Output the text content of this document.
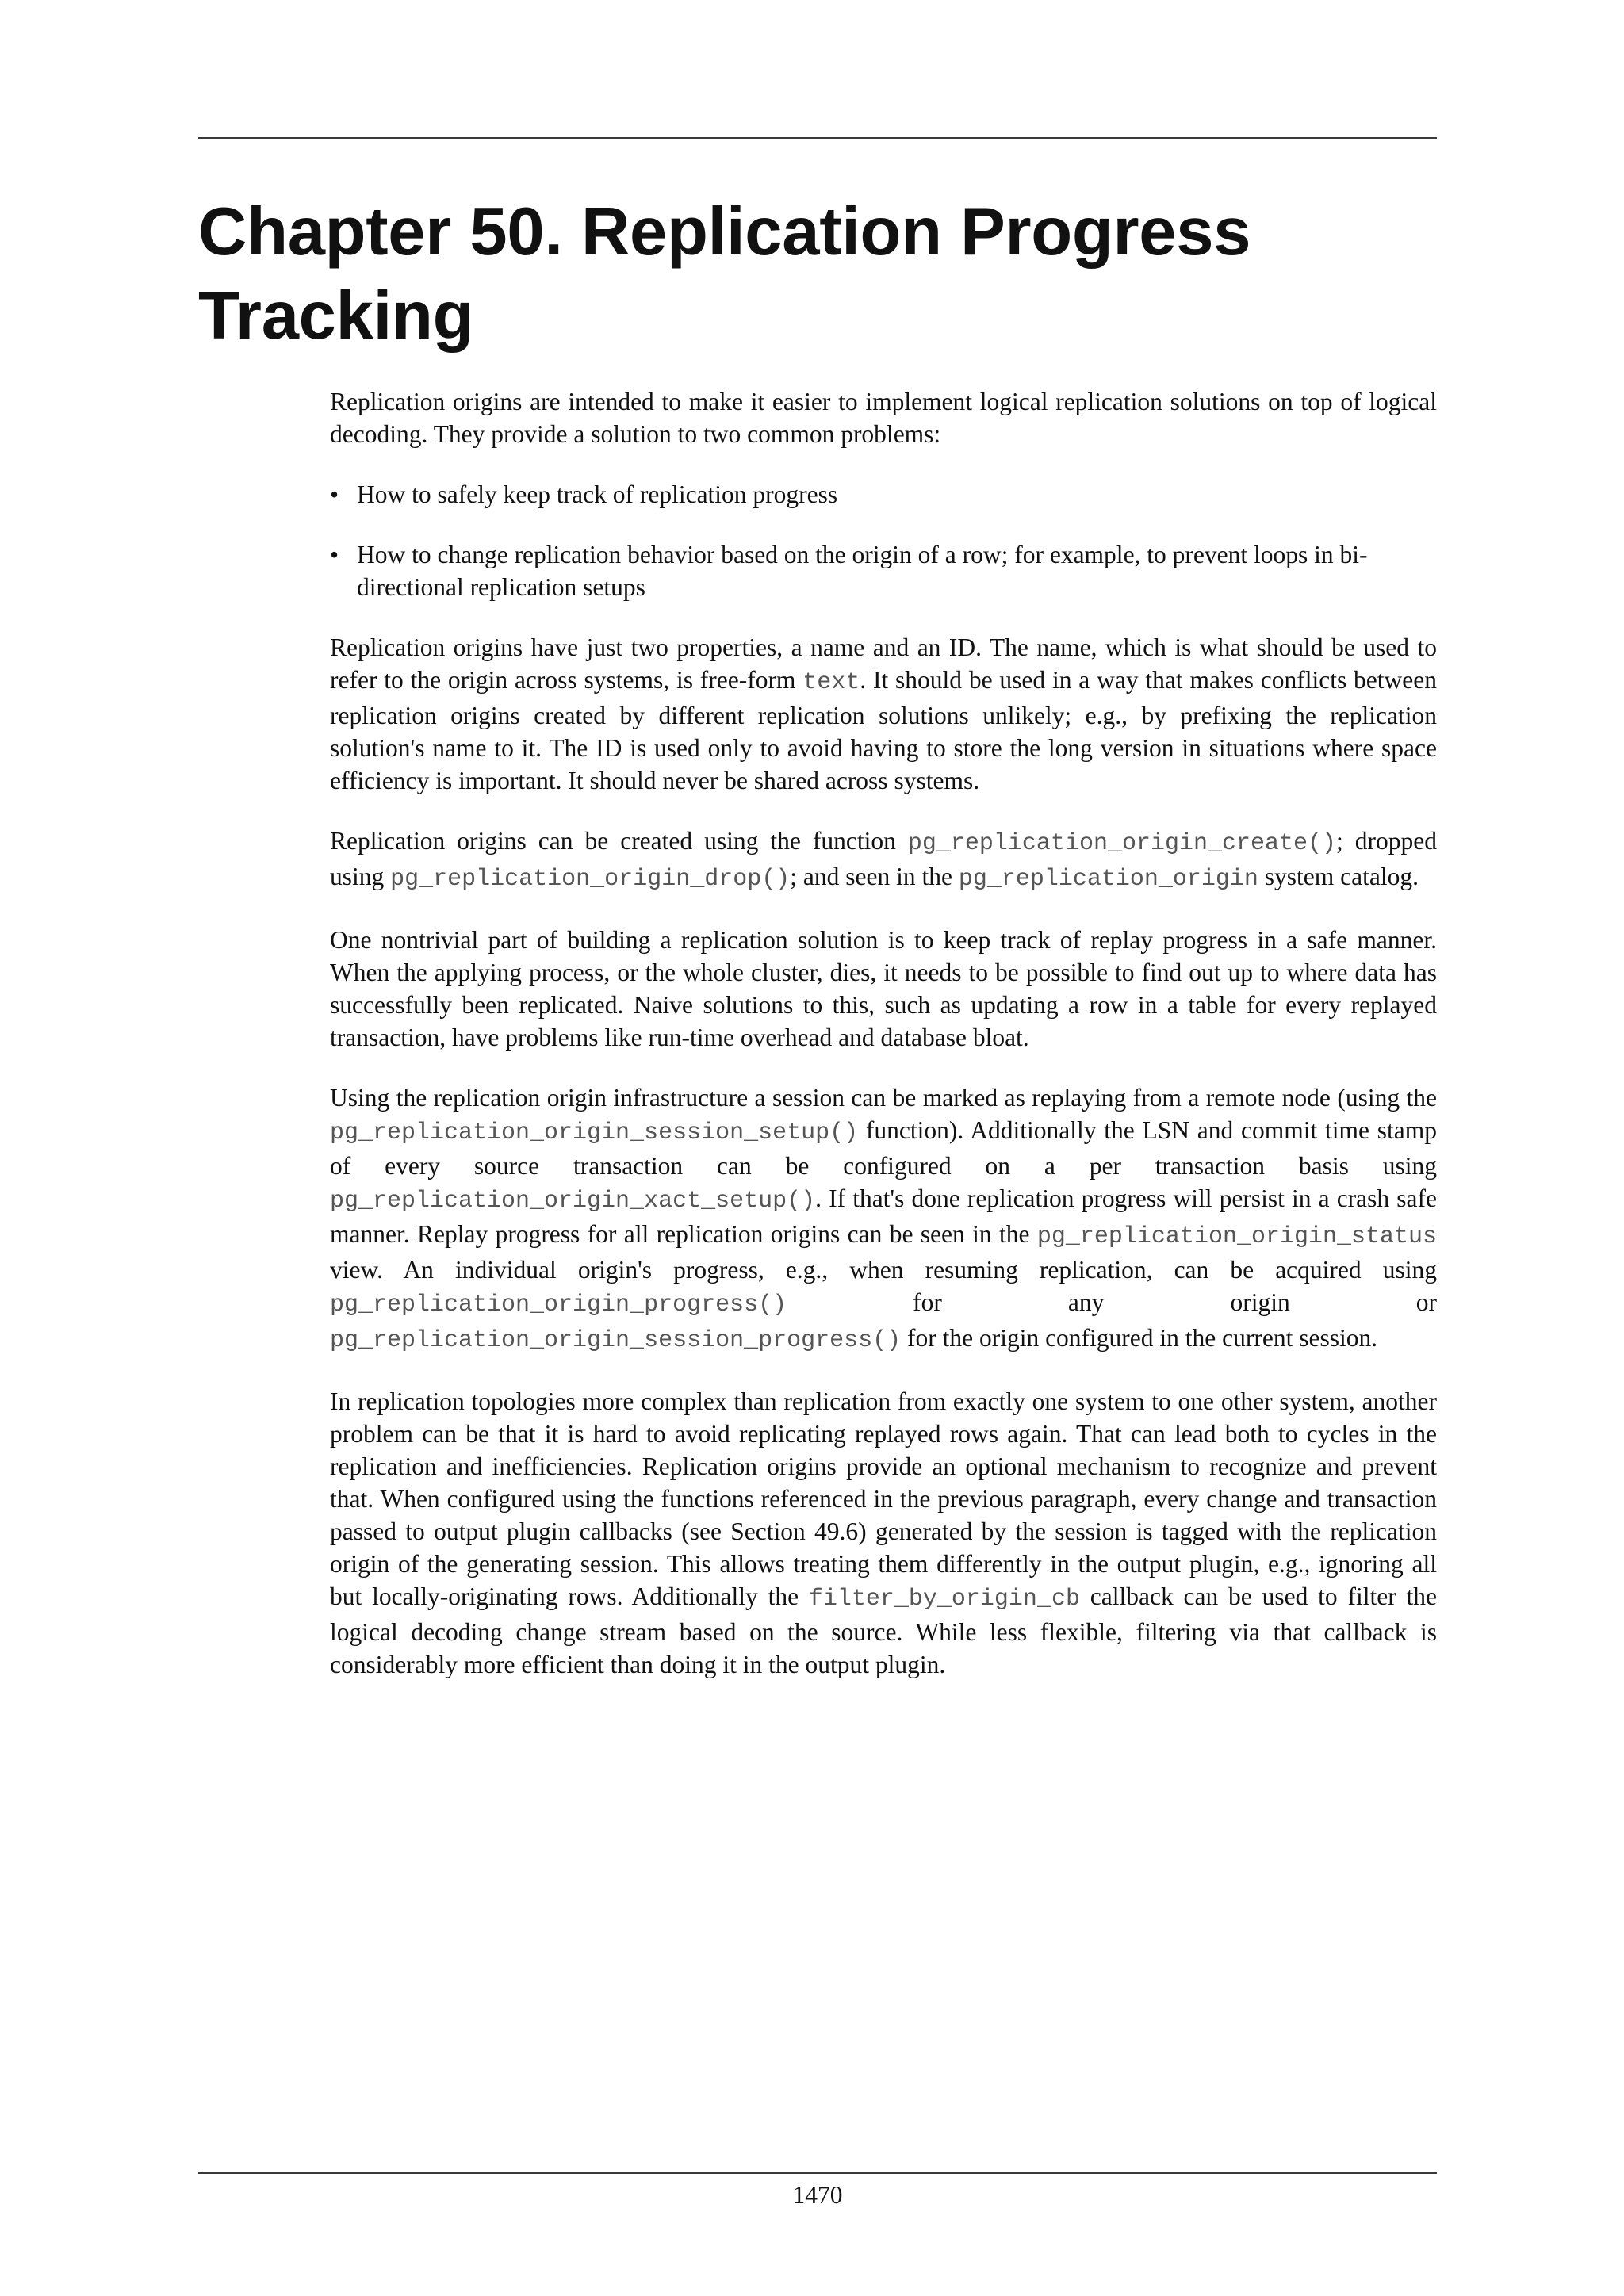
Chapter 50. Replication Progress Tracking

Replication origins are intended to make it easier to implement logical replication solutions on top of logical decoding. They provide a solution to two common problems:

• How to safely keep track of replication progress
• How to change replication behavior based on the origin of a row; for example, to prevent loops in bi-directional replication setups

Replication origins have just two properties, a name and an ID. The name, which is what should be used to refer to the origin across systems, is free-form text. It should be used in a way that makes conflicts between replication origins created by different replication solutions unlikely; e.g., by prefixing the replication solution's name to it. The ID is used only to avoid having to store the long version in situations where space efficiency is important. It should never be shared across systems.

Replication origins can be created using the function pg_replication_origin_create(); dropped using pg_replication_origin_drop(); and seen in the pg_replication_origin system catalog.

One nontrivial part of building a replication solution is to keep track of replay progress in a safe manner. When the applying process, or the whole cluster, dies, it needs to be possible to find out up to where data has successfully been replicated. Naive solutions to this, such as updating a row in a table for every replayed transaction, have problems like run-time overhead and database bloat.

Using the replication origin infrastructure a session can be marked as replaying from a remote node (using the pg_replication_origin_session_setup() function). Additionally the LSN and commit time stamp of every source transaction can be configured on a per transaction basis using pg_replication_origin_xact_setup(). If that's done replication progress will persist in a crash safe manner. Replay progress for all replication origins can be seen in the pg_replication_origin_status view. An individual origin's progress, e.g., when resuming replication, can be acquired using pg_replication_origin_progress() for any origin or pg_replication_origin_session_progress() for the origin configured in the current session.

In replication topologies more complex than replication from exactly one system to one other system, another problem can be that it is hard to avoid replicating replayed rows again. That can lead both to cycles in the replication and inefficiencies. Replication origins provide an optional mechanism to recognize and prevent that. When configured using the functions referenced in the previous paragraph, every change and transaction passed to output plugin callbacks (see Section 49.6) generated by the session is tagged with the replication origin of the generating session. This allows treating them differently in the output plugin, e.g., ignoring all but locally-originating rows. Additionally the filter_by_origin_cb callback can be used to filter the logical decoding change stream based on the source. While less flexible, filtering via that callback is considerably more efficient than doing it in the output plugin.

1470
